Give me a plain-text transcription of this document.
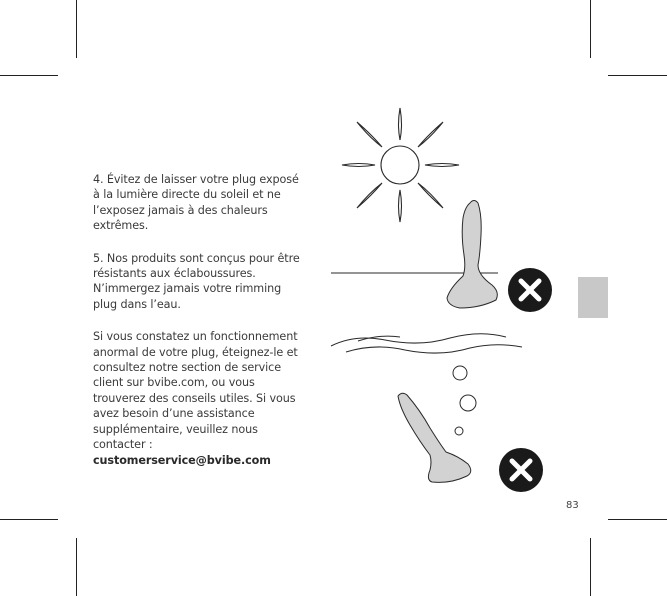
4. Évitez de laisser votre plug exposé à la lumière directe du soleil et ne l’exposez jamais à des chaleurs extrêmes.

5. Nos produits sont conçus pour être résistants aux éclaboussures. N’immergez jamais votre rimming plug dans l’eau.

Si vous constatez un fonctionnement anormal de votre plug, éteignez-le et consultez notre section de service client sur bvibe.com, ou vous trouverez des conseils utiles. Si vous avez besoin d’une assistance supplémentaire, veuillez nous contacter :
customerservice@bvibe.com

83
